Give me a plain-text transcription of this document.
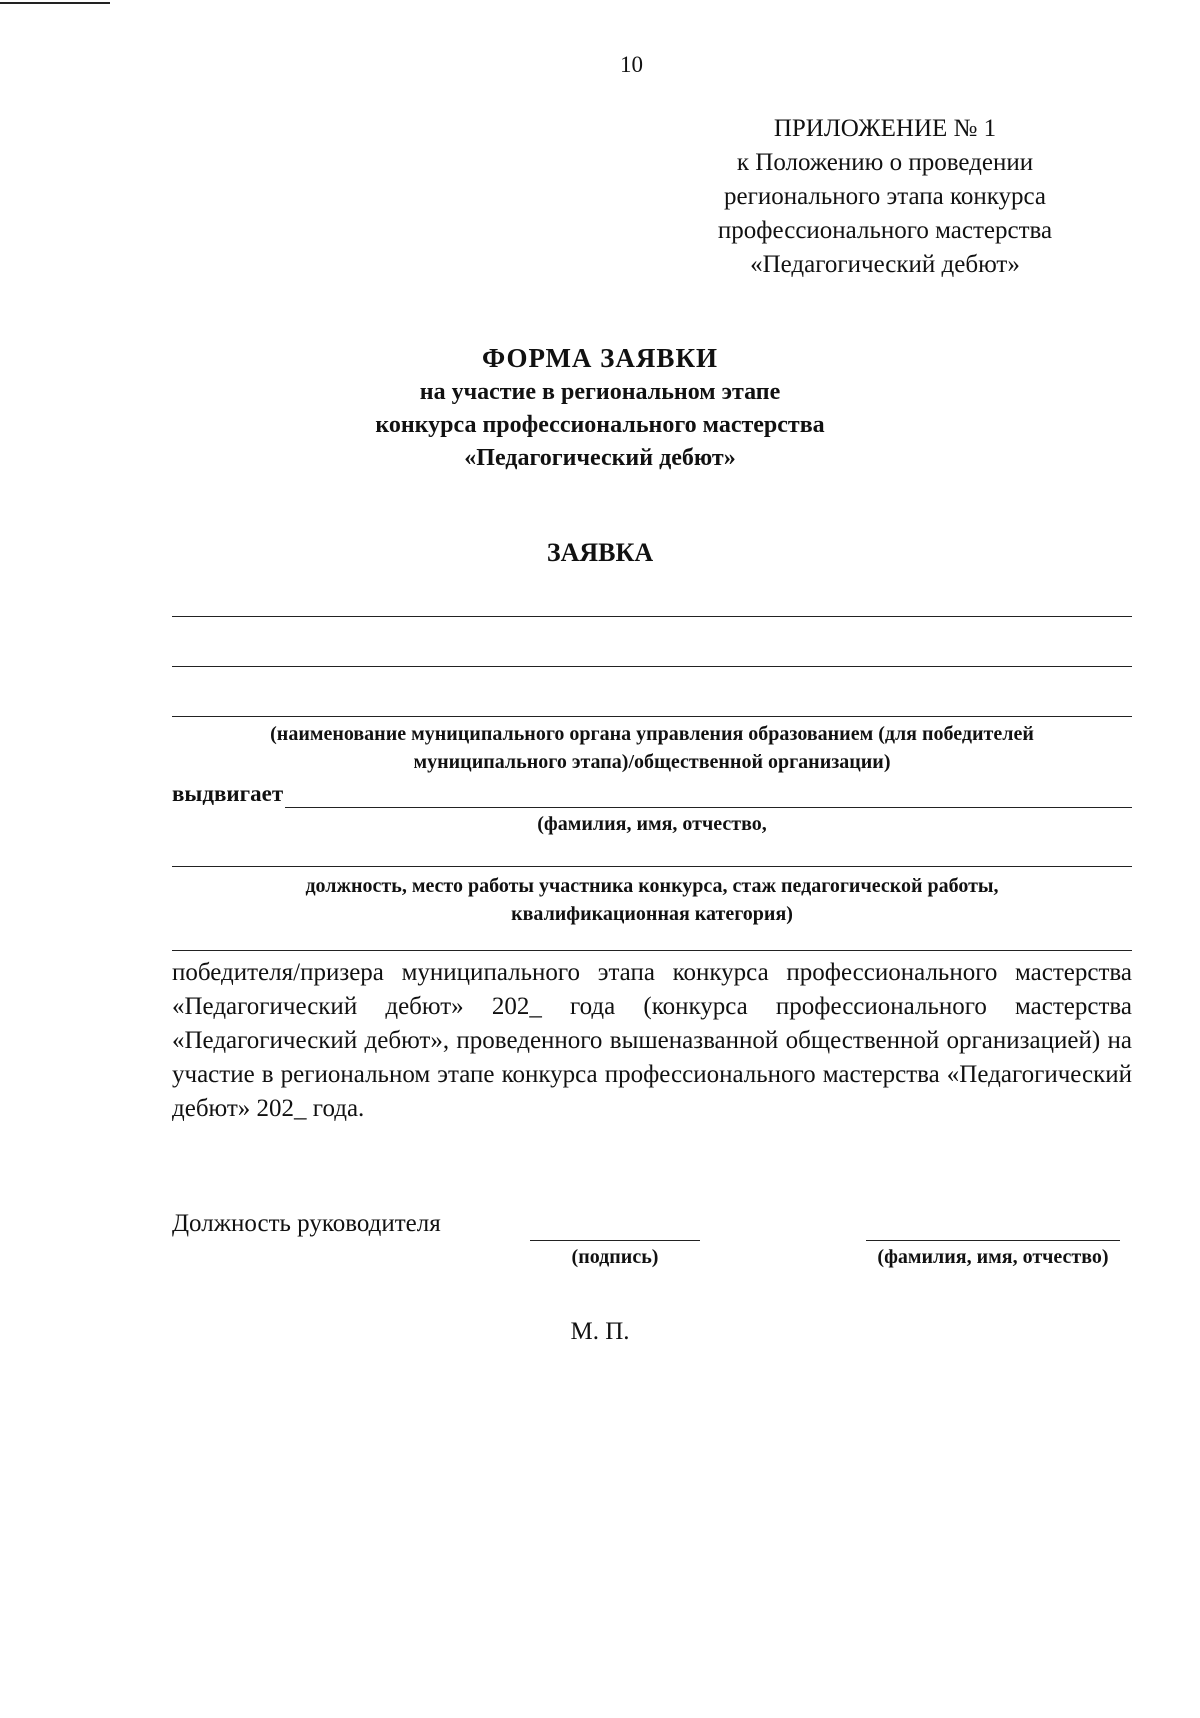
10
ПРИЛОЖЕНИЕ № 1
к Положению о проведении
регионального этапа конкурса
профессионального мастерства
«Педагогический дебют»
ФОРМА ЗАЯВКИ
на участие в региональном этапе
конкурса профессионального мастерства
«Педагогический дебют»
ЗАЯВКА
(наименование муниципального органа управления образованием (для победителей
муниципального этапа)/общественной организации)
выдвигает
(фамилия, имя, отчество,
должность, место работы участника конкурса, стаж педагогической работы,
квалификационная категория)
победителя/призера муниципального этапа конкурса профессионального мастерства «Педагогический дебют» 202_ года (конкурса профессионального мастерства «Педагогический дебют», проведенного вышеназванной общественной организацией) на участие в региональном этапе конкурса профессионального мастерства «Педагогический дебют» 202_ года.
Должность руководителя
(подпись)	(фамилия, имя, отчество)
М. П.
